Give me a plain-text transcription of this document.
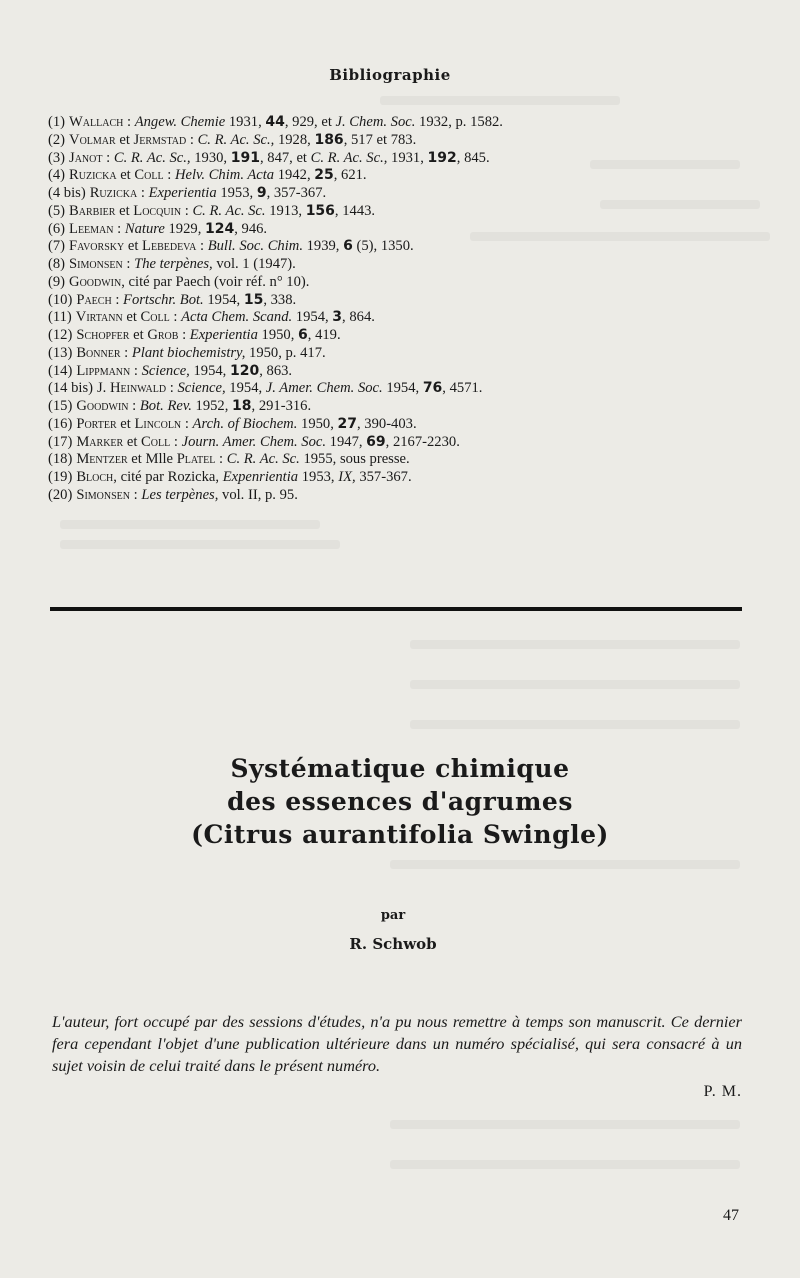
Bibliographie
(1) Wallach : Angew. Chemie 1931, 44, 929, et J. Chem. Soc. 1932, p. 1582.
(2) Volmar et Jermstad : C. R. Ac. Sc., 1928, 186, 517 et 783.
(3) Janot : C. R. Ac. Sc., 1930, 191, 847, et C. R. Ac. Sc., 1931, 192, 845.
(4) Ruzicka et Coll : Helv. Chim. Acta 1942, 25, 621.
(4 bis) Ruzicka : Experientia 1953, 9, 357-367.
(5) Barbier et Locquin : C. R. Ac. Sc. 1913, 156, 1443.
(6) Leeman : Nature 1929, 124, 946.
(7) Favorsky et Lebedeva : Bull. Soc. Chim. 1939, 6 (5), 1350.
(8) Simonsen : The terpènes, vol. 1 (1947).
(9) Goodwin, cité par Paech (voir réf. n° 10).
(10) Paech : Fortschr. Bot. 1954, 15, 338.
(11) Virtann et Coll : Acta Chem. Scand. 1954, 3, 864.
(12) Schopfer et Grob : Experientia 1950, 6, 419.
(13) Bonner : Plant biochemistry, 1950, p. 417.
(14) Lippmann : Science, 1954, 120, 863.
(14 bis) J. Heinwald : Science, 1954, J. Amer. Chem. Soc. 1954, 76, 4571.
(15) Goodwin : Bot. Rev. 1952, 18, 291-316.
(16) Porter et Lincoln : Arch. of Biochem. 1950, 27, 390-403.
(17) Marker et Coll : Journ. Amer. Chem. Soc. 1947, 69, 2167-2230.
(18) Mentzer et Mlle Platel : C. R. Ac. Sc. 1955, sous presse.
(19) Bloch, cité par Rozicka, Expenrientia 1953, IX, 357-367.
(20) Simonsen : Les terpènes, vol. II, p. 95.
Systématique chimique
des essences d'agrumes
(Citrus aurantifolia Swingle)
par
R. Schwob

L'auteur, fort occupé par des sessions d'études, n'a pu nous remettre à temps son manuscrit. Ce dernier fera cependant l'objet d'une publication ultérieure dans un numéro spécialisé, qui sera consacré à un sujet voisin de celui traité dans le présent numéro.

P. M.
47
